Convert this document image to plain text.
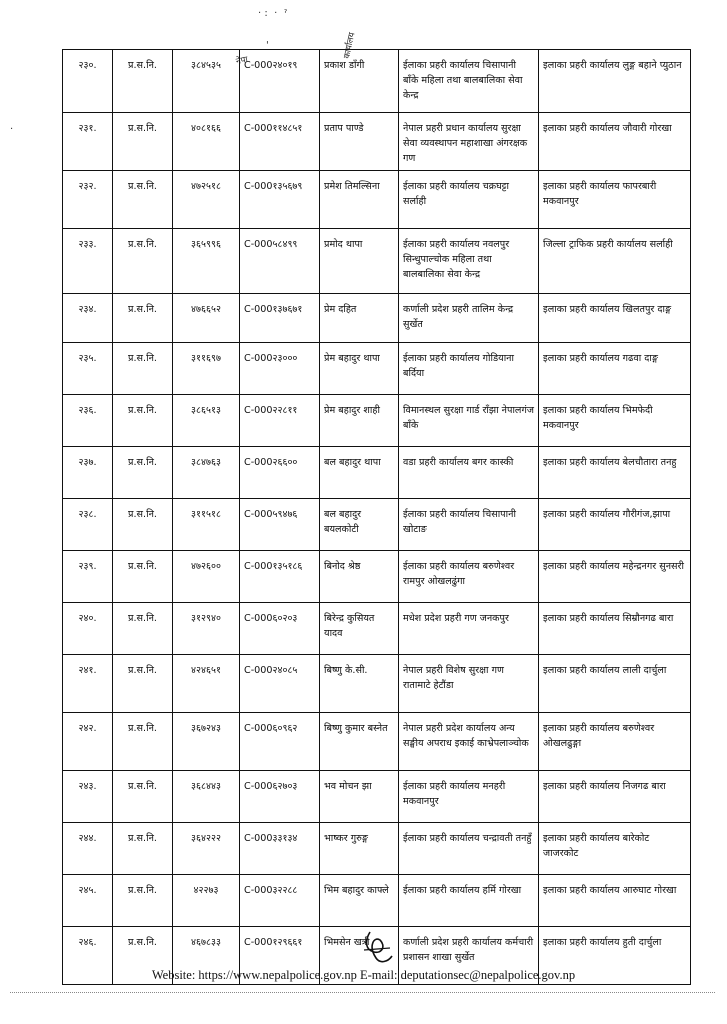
· :  ·  ˀ
'
·
नेपा
कार्यालय
२३०.	प्र.स.नि.	३८४५३५	C-000२४०१९	प्रकाश डाँगी	ईलाका प्रहरी कार्यालय चिसापानी बाँके महिला तथा बालबालिका सेवा केन्द्र	इलाका प्रहरी कार्यालय लुङ्ग बहाने प्युठान
२३१.	प्र.स.नि.	४०८१६६	C-000११४८५१	प्रताप पाण्डे	नेपाल प्रहरी प्रधान कार्यालय सुरक्षा सेवा व्यवस्थापन महाशाखा अंगरक्षक गण	इलाका प्रहरी कार्यालय जौवारी गोरखा
२३२.	प्र.स.नि.	४७२५१८	C-000१३५६७९	प्रमेश तिमल्सिना	ईलाका प्रहरी कार्यालय चक्रघट्टा सर्लाही	इलाका प्रहरी कार्यालय फापरबारी मकवानपुर
२३३.	प्र.स.नि.	३६५९९६	C-000५८४९९	प्रमोद थापा	ईलाका प्रहरी कार्यालय नवलपुर सिन्धुपाल्चोक महिला तथा बालबालिका सेवा केन्द्र	जिल्ला ट्राफिक प्रहरी कार्यालय सर्लाही
२३४.	प्र.स.नि.	४७६६५२	C-000१३७६७१	प्रेम दहित	कर्णाली प्रदेश प्रहरी तालिम केन्द्र सुर्खेत	इलाका प्रहरी कार्यालय खिलतपुर दाङ्ग
२३५.	प्र.स.नि.	३११६९७	C-000२३०००	प्रेम बहादुर थापा	ईलाका प्रहरी कार्यालय गोडियाना बर्दिया	इलाका प्रहरी कार्यालय गढवा दाङ्ग
२३६.	प्र.स.नि.	३८६५१३	C-000२२८११	प्रेम बहादुर शाही	विमानस्थल सुरक्षा गार्ड राँझा नेपालगंज बाँके	इलाका प्रहरी कार्यालय भिमफेदी मकवानपुर
२३७.	प्र.स.नि.	३८४७६३	C-000२६६००	बल बहादुर थापा	वडा प्रहरी कार्यालय बगर कास्की	इलाका प्रहरी कार्यालय बेलचौतारा तनहु
२३८.	प्र.स.नि.	३११५१८	C-000५९४७६	बल बहादुर बयलकोटी	ईलाका प्रहरी कार्यालय चिसापानी खोटाङ	इलाका प्रहरी कार्यालय गौरीगंज,झापा
२३९.	प्र.स.नि.	४७२६००	C-000१३५१८६	बिनोद श्रेष्ठ	ईलाका प्रहरी कार्यालय बरुणेश्वर रामपुर ओखलढुंगा	इलाका प्रहरी कार्यालय महेन्द्रनगर सुनसरी
२४०.	प्र.स.नि.	३१२९४०	C-000६०२०३	बिरेन्द्र कुसियत यादव	मधेश प्रदेश प्रहरी गण जनकपुर	इलाका प्रहरी कार्यालय सिम्रौनगढ बारा
२४१.	प्र.स.नि.	४२४६५१	C-000२४०८५	बिष्णु के.सी.	नेपाल प्रहरी विशेष सुरक्षा गण रातामाटे हेटौंडा	इलाका प्रहरी कार्यालय लाली दार्चुला
२४२.	प्र.स.नि.	३६७२४३	C-000६०९६२	बिष्णु कुमार बस्नेत	नेपाल प्रहरी प्रदेश कार्यालय अन्य सङ्घीय अपराध इकाई काभ्रेपलाञ्चोक	इलाका प्रहरी कार्यालय बरुणेश्वर ओखलढुङ्गा
२४३.	प्र.स.नि.	३६८४४३	C-000६२७०३	भव मोचन झा	ईलाका प्रहरी कार्यालय मनहरी मकवानपुर	इलाका प्रहरी कार्यालय निजगढ बारा
२४४.	प्र.स.नि.	३६४२२२	C-000३३१३४	भाष्कर गुरुङ्ग	ईलाका प्रहरी कार्यालय चन्द्रावती तनहुँ	इलाका प्रहरी कार्यालय बारेकोट जाजरकोट
२४५.	प्र.स.नि.	४२२७३	C-000३२२८८	भिम बहादुर काफ्ले	ईलाका प्रहरी कार्यालय हर्मि गोरखा	इलाका प्रहरी कार्यालय आरुघाट गोरखा
२४६.	प्र.स.नि.	४६७८३३	C-000१२९६६१	भिमसेन खत्री	कर्णाली प्रदेश प्रहरी कार्यालय कर्मचारी प्रशासन शाखा सुर्खेत	इलाका प्रहरी कार्यालय हुती दार्चुला
Website: https://www.nepalpolice.gov.np E-mail: deputationsec@nepalpolice.gov.np
